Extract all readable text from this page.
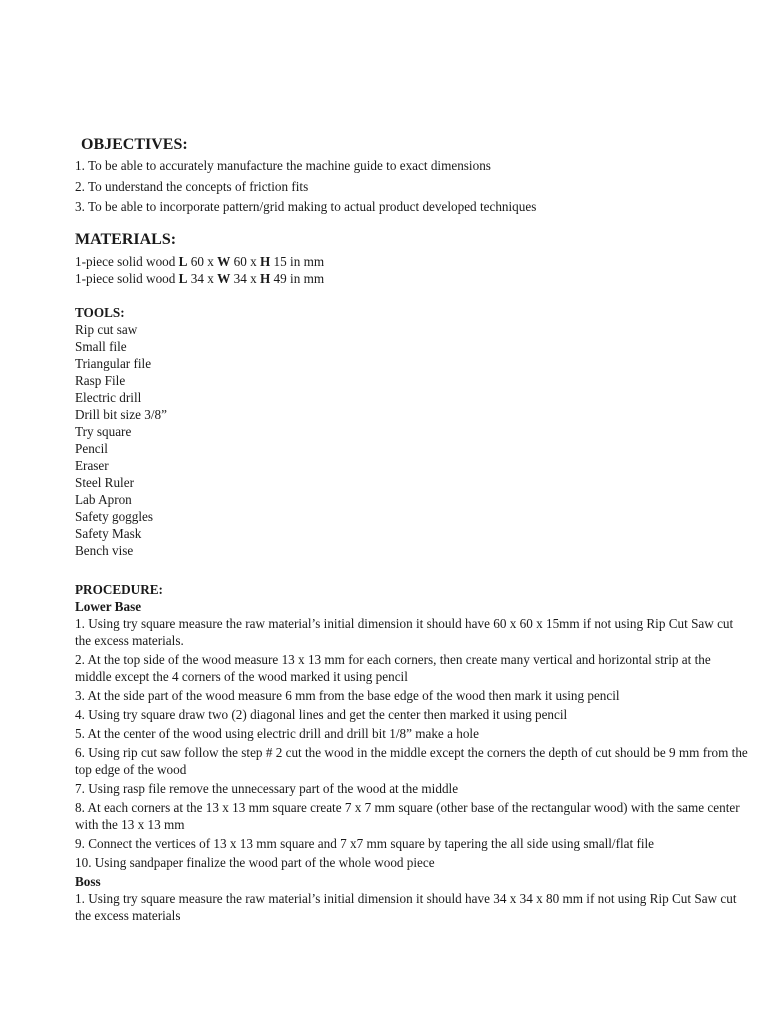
OBJECTIVES:

1. To be able to accurately manufacture the machine guide to exact dimensions

2. To understand the concepts of friction fits

3. To be able to incorporate pattern/grid making to actual product developed techniques

MATERIALS:
1-piece solid wood L 60 x W 60 x H 15 in mm
1-piece solid wood L 34 x W 34 x H 49 in mm
TOOLS:
Rip cut saw
Small file
Triangular file
Rasp File
Electric drill
Drill bit size 3/8”
Try square
Pencil
Eraser
Steel Ruler
Lab Apron
Safety goggles
Safety Mask
Bench vise
PROCEDURE:
Lower Base

1. Using try square measure the raw material’s initial dimension it should have 60 x 60 x 15mm if not using Rip Cut Saw cut the excess materials.

2. At the top side of the wood measure 13 x 13 mm for each corners, then create many vertical and horizontal strip at the middle except the 4 corners of the wood marked it using pencil

3. At the side part of the wood measure 6 mm from the base edge of the wood then mark it using pencil

4. Using try square draw two (2) diagonal lines and get the center then marked it using pencil

5. At the center of the wood using electric drill and drill bit 1/8” make a hole

6. Using rip cut saw follow the step # 2 cut the wood in the middle except the corners the depth of cut should be 9 mm from the top edge of the wood

7. Using rasp file remove the unnecessary part of the wood at the middle

8. At each corners at the 13 x 13 mm square create 7 x 7 mm square (other base of the rectangular wood) with the same center with the 13 x 13 mm

9. Connect the vertices of 13 x 13 mm square and 7 x7 mm square by tapering the all side using small/flat file

10. Using sandpaper finalize the wood part of the whole wood piece

Boss

1. Using try square measure the raw material’s initial dimension it should have 34 x 34 x 80 mm if not using Rip Cut Saw cut the excess materials
